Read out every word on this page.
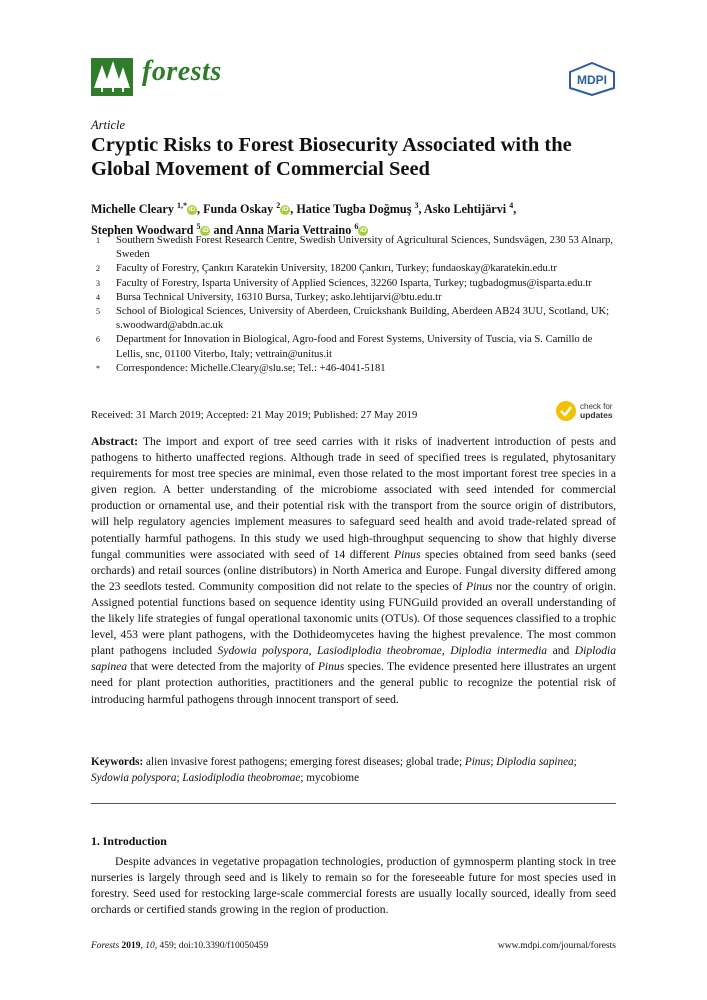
forests	MDPI
Article
Cryptic Risks to Forest Biosecurity Associated with the Global Movement of Commercial Seed
Michelle Cleary $^{1,*}$ iD , Funda Oskay $^2$ iD , Hatice Tugba Doğmuş $^3$, Asko Lehtijärvi $^4$,
Stephen Woodward $^5$ iD and Anna Maria Vettraino $^6$ iD
1	Southern Swedish Forest Research Centre, Swedish University of Agricultural Sciences, Sundsvägen, 230 53 Alnarp, Sweden
2	Faculty of Forestry, Çankırı Karatekin University, 18200 Çankırı, Turkey; fundaoskay@karatekin.edu.tr
3	Faculty of Forestry, Isparta University of Applied Sciences, 32260 Isparta, Turkey; tugbadogmus@isparta.edu.tr
4	Bursa Technical University, 16310 Bursa, Turkey; asko.lehtijarvi@btu.edu.tr
5	School of Biological Sciences, University of Aberdeen, Cruickshank Building, Aberdeen AB24 3UU, Scotland, UK; s.woodward@abdn.ac.uk
6	Department for Innovation in Biological, Agro-food and Forest Systems, University of Tuscia, via S. Camillo de Lellis, snc, 01100 Viterbo, Italy; vettrain@unitus.it
*	Correspondence: Michelle.Cleary@slu.se; Tel.: +46-4041-5181
Received: 31 March 2019; Accepted: 21 May 2019; Published: 27 May 2019
check for
updates
Abstract: The import and export of tree seed carries with it risks of inadvertent introduction of pests and pathogens to hitherto unaffected regions. Although trade in seed of specified trees is regulated, phytosanitary requirements for most tree species are minimal, even those related to the most important forest tree species in a given region. A better understanding of the microbiome associated with seed intended for commercial production or ornamental use, and their potential risk with the transport from the source origin of distributors, will help regulatory agencies implement measures to safeguard seed health and avoid trade-related spread of potentially harmful pathogens. In this study we used high-throughput sequencing to show that highly diverse fungal communities were associated with seed of 14 different Pinus species obtained from seed banks (seed orchards) and retail sources (online distributors) in North America and Europe. Fungal diversity differed among the 23 seedlots tested. Community composition did not relate to the species of Pinus nor the country of origin. Assigned potential functions based on sequence identity using FUNGuild provided an overall understanding of the likely life strategies of fungal operational taxonomic units (OTUs). Of those sequences classified to a trophic level, 453 were plant pathogens, with the Dothideomycetes having the highest prevalence. The most common plant pathogens included Sydowia polyspora, Lasiodiplodia theobromae, Diplodia intermedia and Diplodia sapinea that were detected from the majority of Pinus species. The evidence presented here illustrates an urgent need for plant protection authorities, practitioners and the general public to recognize the potential risk of introducing harmful pathogens through innocent transport of seed.
Keywords: alien invasive forest pathogens; emerging forest diseases; global trade; Pinus; Diplodia sapinea; Sydowia polyspora; Lasiodiplodia theobromae; mycobiome
1. Introduction
Despite advances in vegetative propagation technologies, production of gymnosperm planting stock in tree nurseries is largely through seed and is likely to remain so for the foreseeable future for most species used in forestry. Seed used for restocking large-scale commercial forests are usually locally sourced, ideally from seed orchards or certified stands growing in the region of production.
Forests 2019, 10, 459; doi:10.3390/f10050459	www.mdpi.com/journal/forests
